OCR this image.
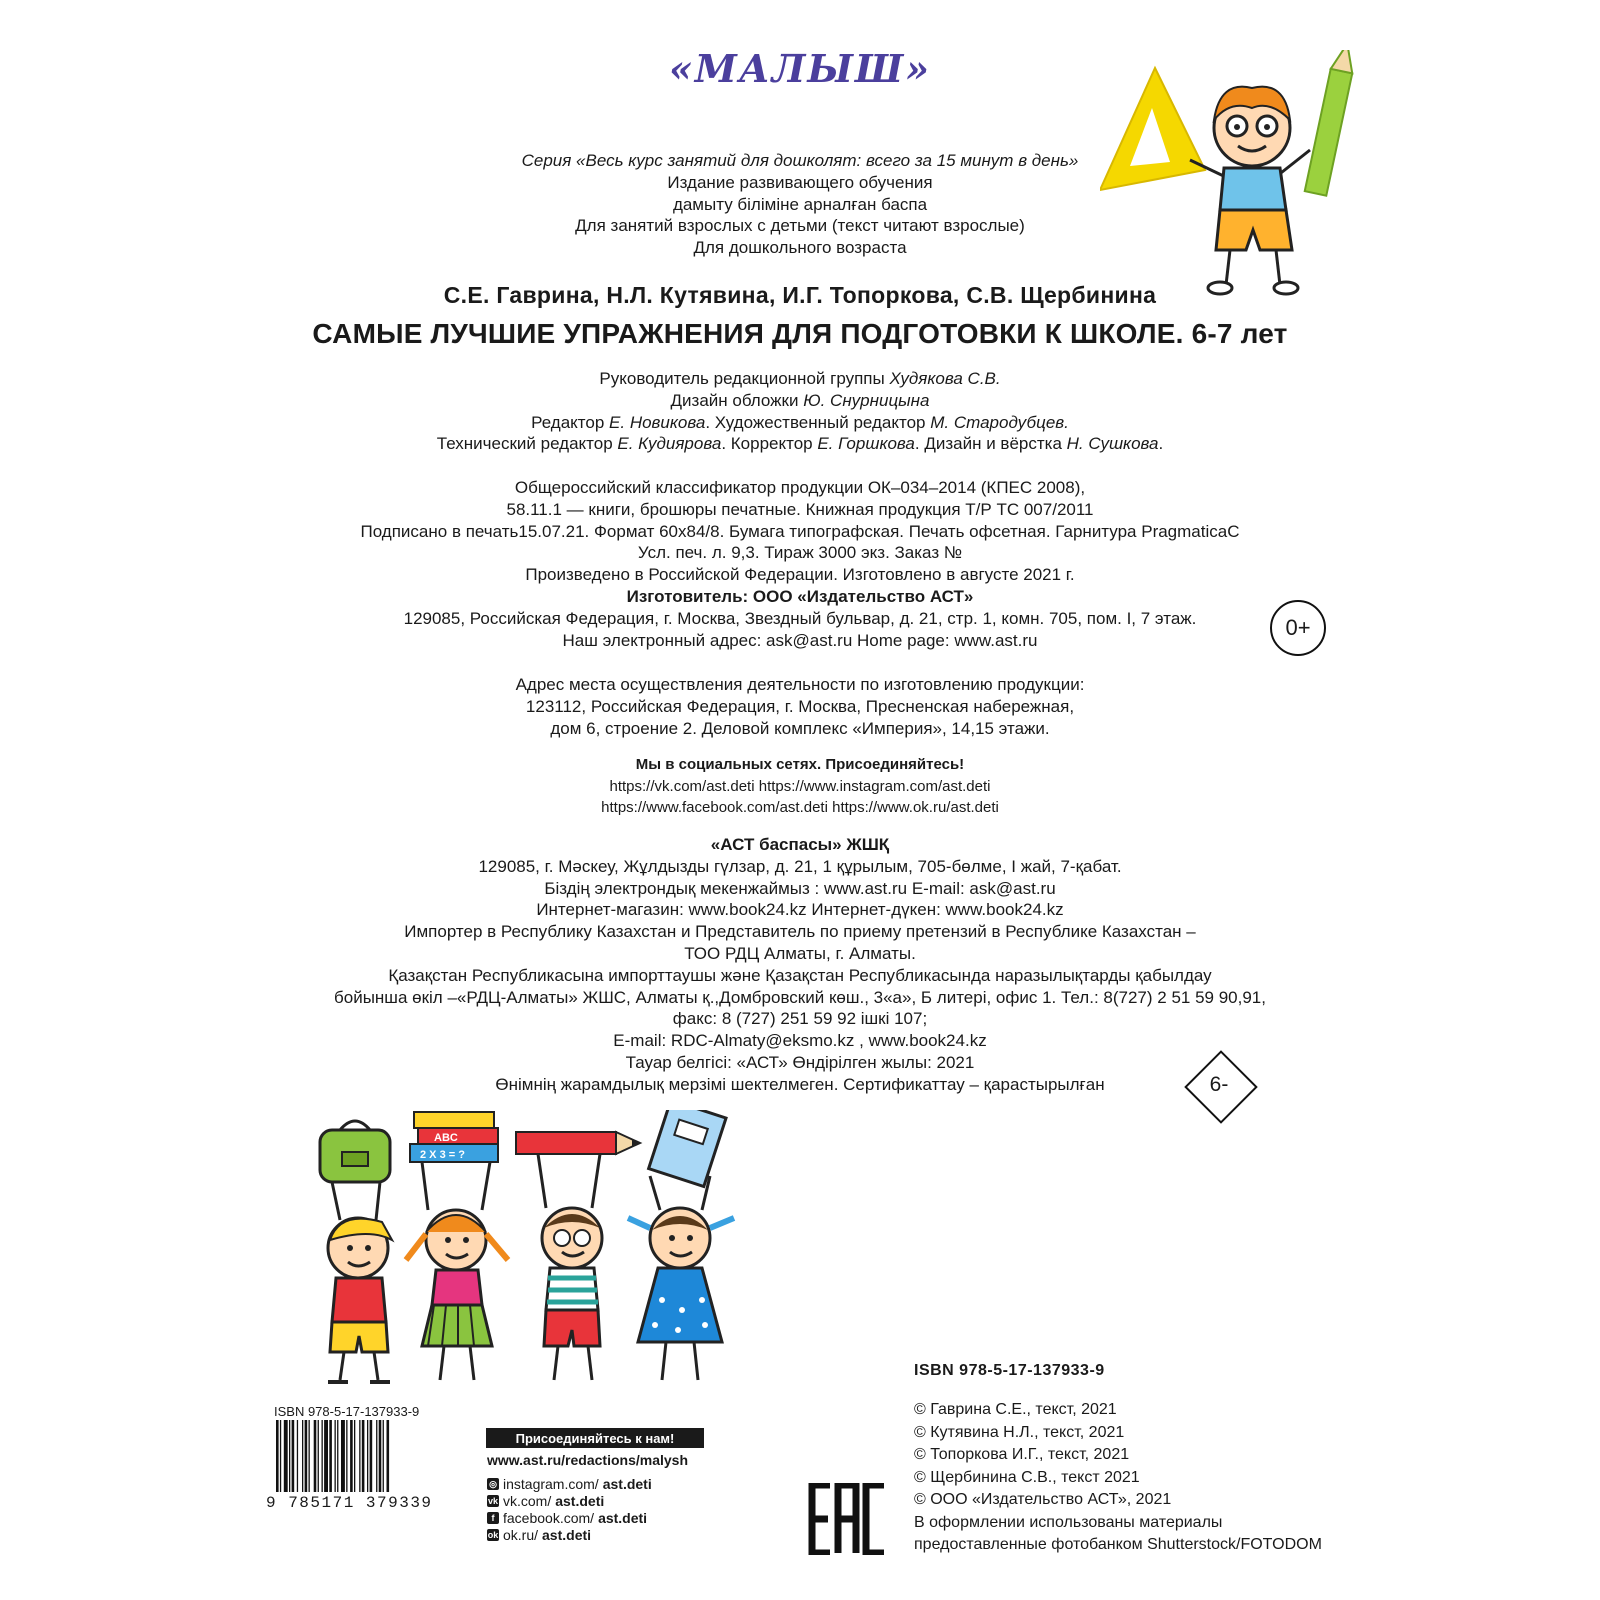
«МАЛЫШ»
Серия «Весь курс занятий для дошколят: всего за 15 минут в день»
Издание развивающего обучения
дамыту біліміне арналған баспа
Для занятий взрослых с детьми (текст читают взрослые)
Для дошкольного возраста
С.Е. Гаврина, Н.Л. Кутявина, И.Г. Топоркова, С.В. Щербинина
САМЫЕ ЛУЧШИЕ УПРАЖНЕНИЯ ДЛЯ ПОДГОТОВКИ К ШКОЛЕ. 6-7 лет
Руководитель редакционной группы Худякова С.В.
Дизайн обложки Ю. Снурницына
Редактор Е. Новикова. Художественный редактор М. Стародубцев.
Технический редактор Е. Кудиярова. Корректор Е. Горшкова. Дизайн и вёрстка Н. Сушкова.
Общероссийский классификатор продукции ОК–034–2014 (КПЕС 2008),
58.11.1 — книги, брошюры печатные. Книжная продукция Т/Р ТС 007/2011
Подписано в печать15.07.21. Формат 60х84/8. Бумага типографская. Печать офсетная. Гарнитура PragmaticaC
Усл. печ. л. 9,3. Тираж 3000 экз. Заказ №
Произведено в Российской Федерации. Изготовлено в августе 2021 г.
Изготовитель: ООО «Издательство АСТ»
129085, Российская Федерация, г. Москва, Звездный бульвар, д. 21, стр. 1, комн. 705, пом. I, 7 этаж.
Наш электронный адрес: ask@ast.ru Home page: www.ast.ru
0+
Адрес места осуществления деятельности по изготовлению продукции:
123112, Российская Федерация, г. Москва, Пресненская набережная,
дом 6, строение 2. Деловой комплекс «Империя», 14,15 этажи.
Мы в социальных сетях. Присоединяйтесь!
https://vk.com/ast.deti https://www.instagram.com/ast.deti
https://www.facebook.com/ast.deti https://www.ok.ru/ast.deti
«АСТ баспасы» ЖШҚ
129085, г. Мәскеу, Жұлдызды гүлзар, д. 21, 1 құрылым, 705-бөлме, I жай, 7-қабат.
Біздің электрондық мекенжаймыз : www.ast.ru E-mail: ask@ast.ru
Интернет-магазин: www.book24.kz Интернет-дүкен: www.book24.kz
Импортер в Республику Казахстан и Представитель по приему претензий в Республике Казахстан –
ТОО РДЦ Алматы, г. Алматы.
Қазақстан Республикасына импорттаушы және Қазақстан Республикасында наразылықтарды қабылдау
бойынша өкіл –«РДЦ-Алматы» ЖШС, Алматы қ.,Домбровский көш., 3«а», Б литері, офис 1. Тел.: 8(727) 2 51 59 90,91,
факс: 8 (727) 251 59 92 ішкі 107;
E-mail: RDC-Almaty@eksmo.kz , www.book24.kz
Тауар белгісі: «АСТ» Өндірілген жылы: 2021
Өнімнің жарамдылық мерзімі шектелмеген. Сертификаттау – қарастырылған	6-
ABC
2 X 3 = ?
ISBN 978-5-17-137933-9
9 785171 379339
Присоединяйтесь к нам!
www.ast.ru/redactions/malysh
◎ instagram.com/ ast.deti
vk vk.com/ ast.deti
f facebook.com/ ast.deti
ok ok.ru/ ast.deti
ISBN 978-5-17-137933-9
© Гаврина С.Е., текст, 2021
© Кутявина Н.Л., текст, 2021
© Топоркова И.Г., текст, 2021
© Щербинина С.В., текст 2021
© ООО «Издательство АСТ», 2021
В оформлении использованы материалы
предоставленные фотобанком Shutterstock/FOTODOM
